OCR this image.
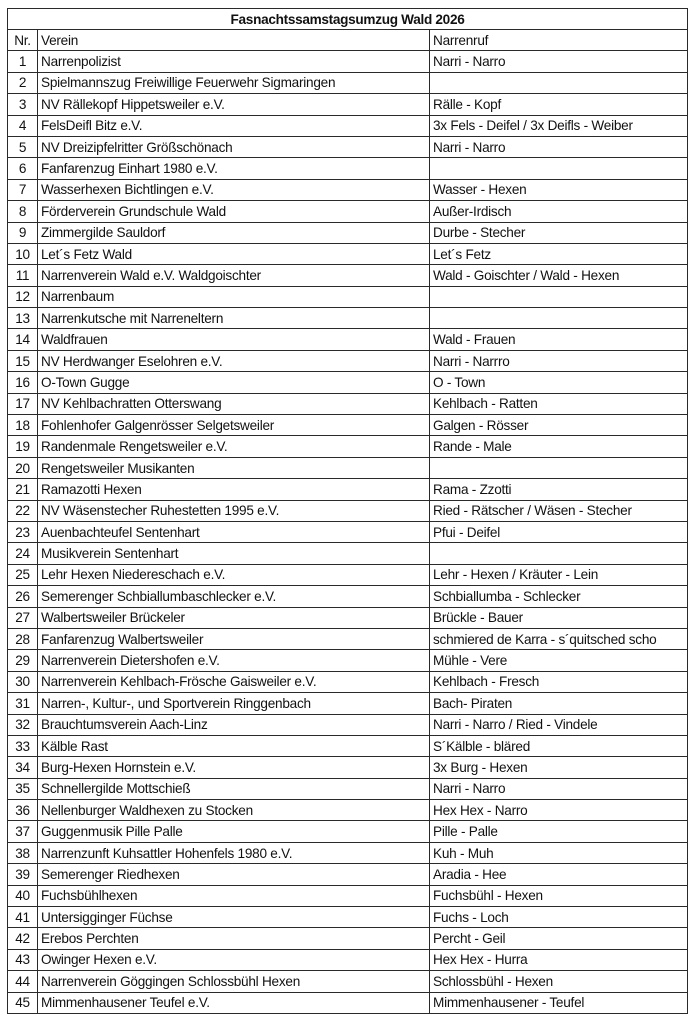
Fasnachtssamstagsumzug Wald 2026		
Nr.	Verein	Narrenruf
1	Narrenpolizist	Narri - Narro
2	Spielmannszug Freiwillige Feuerwehr Sigmaringen	
3	NV Rällekopf Hippetsweiler e.V.	Rälle - Kopf
4	FelsDeifl Bitz e.V.	3x Fels - Deifel / 3x Deifls - Weiber
5	NV Dreizipfelritter Größschönach	Narri - Narro
6	Fanfarenzug Einhart 1980 e.V.	
7	Wasserhexen Bichtlingen e.V.	Wasser - Hexen
8	Förderverein Grundschule Wald	Außer-Irdisch
9	Zimmergilde Sauldorf	Durbe - Stecher
10	Let´s Fetz Wald	Let´s Fetz
11	Narrenverein Wald e.V. Waldgoischter	Wald - Goischter / Wald - Hexen
12	Narrenbaum	
13	Narrenkutsche mit Narreneltern	
14	Waldfrauen	Wald - Frauen
15	NV Herdwanger Eselohren e.V.	Narri - Narrro
16	O-Town Gugge	O - Town
17	NV Kehlbachratten Otterswang	Kehlbach - Ratten
18	Fohlenhofer Galgenrösser Selgetsweiler	Galgen - Rösser
19	Randenmale Rengetsweiler e.V.	Rande - Male
20	Rengetsweiler Musikanten	
21	Ramazotti Hexen	Rama - Zzotti
22	NV Wäsenstecher Ruhestetten 1995 e.V.	Ried - Rätscher / Wäsen - Stecher
23	Auenbachteufel Sentenhart	Pfui - Deifel
24	Musikverein Sentenhart	
25	Lehr Hexen Niedereschach e.V.	Lehr - Hexen / Kräuter - Lein
26	Semerenger Schbiallumbaschlecker e.V.	Schbiallumba - Schlecker
27	Walbertsweiler Brückeler	Brückle - Bauer
28	Fanfarenzug Walbertsweiler	schmiered de Karra - s´quitsched scho
29	Narrenverein Dietershofen e.V.	Mühle - Vere
30	Narrenverein Kehlbach-Frösche Gaisweiler e.V.	Kehlbach - Fresch
31	Narren-, Kultur-, und Sportverein Ringgenbach	Bach- Piraten
32	Brauchtumsverein Aach-Linz	Narri - Narro / Ried - Vindele
33	Kälble Rast	S´Kälble - bläred
34	Burg-Hexen Hornstein e.V.	3x Burg - Hexen
35	Schnellergilde Mottschieß	Narri - Narro
36	Nellenburger Waldhexen zu Stocken	Hex Hex - Narro
37	Guggenmusik Pille Palle	Pille - Palle
38	Narrenzunft Kuhsattler Hohenfels 1980 e.V.	Kuh - Muh
39	Semerenger Riedhexen	Aradia - Hee
40	Fuchsbühlhexen	Fuchsbühl - Hexen
41	Untersigginger Füchse	Fuchs - Loch
42	Erebos Perchten	Percht - Geil
43	Owinger Hexen e.V.	Hex Hex - Hurra
44	Narrenverein Göggingen Schlossbühl Hexen	Schlossbühl - Hexen
45	Mimmenhausener Teufel e.V.	Mimmenhausener - Teufel
